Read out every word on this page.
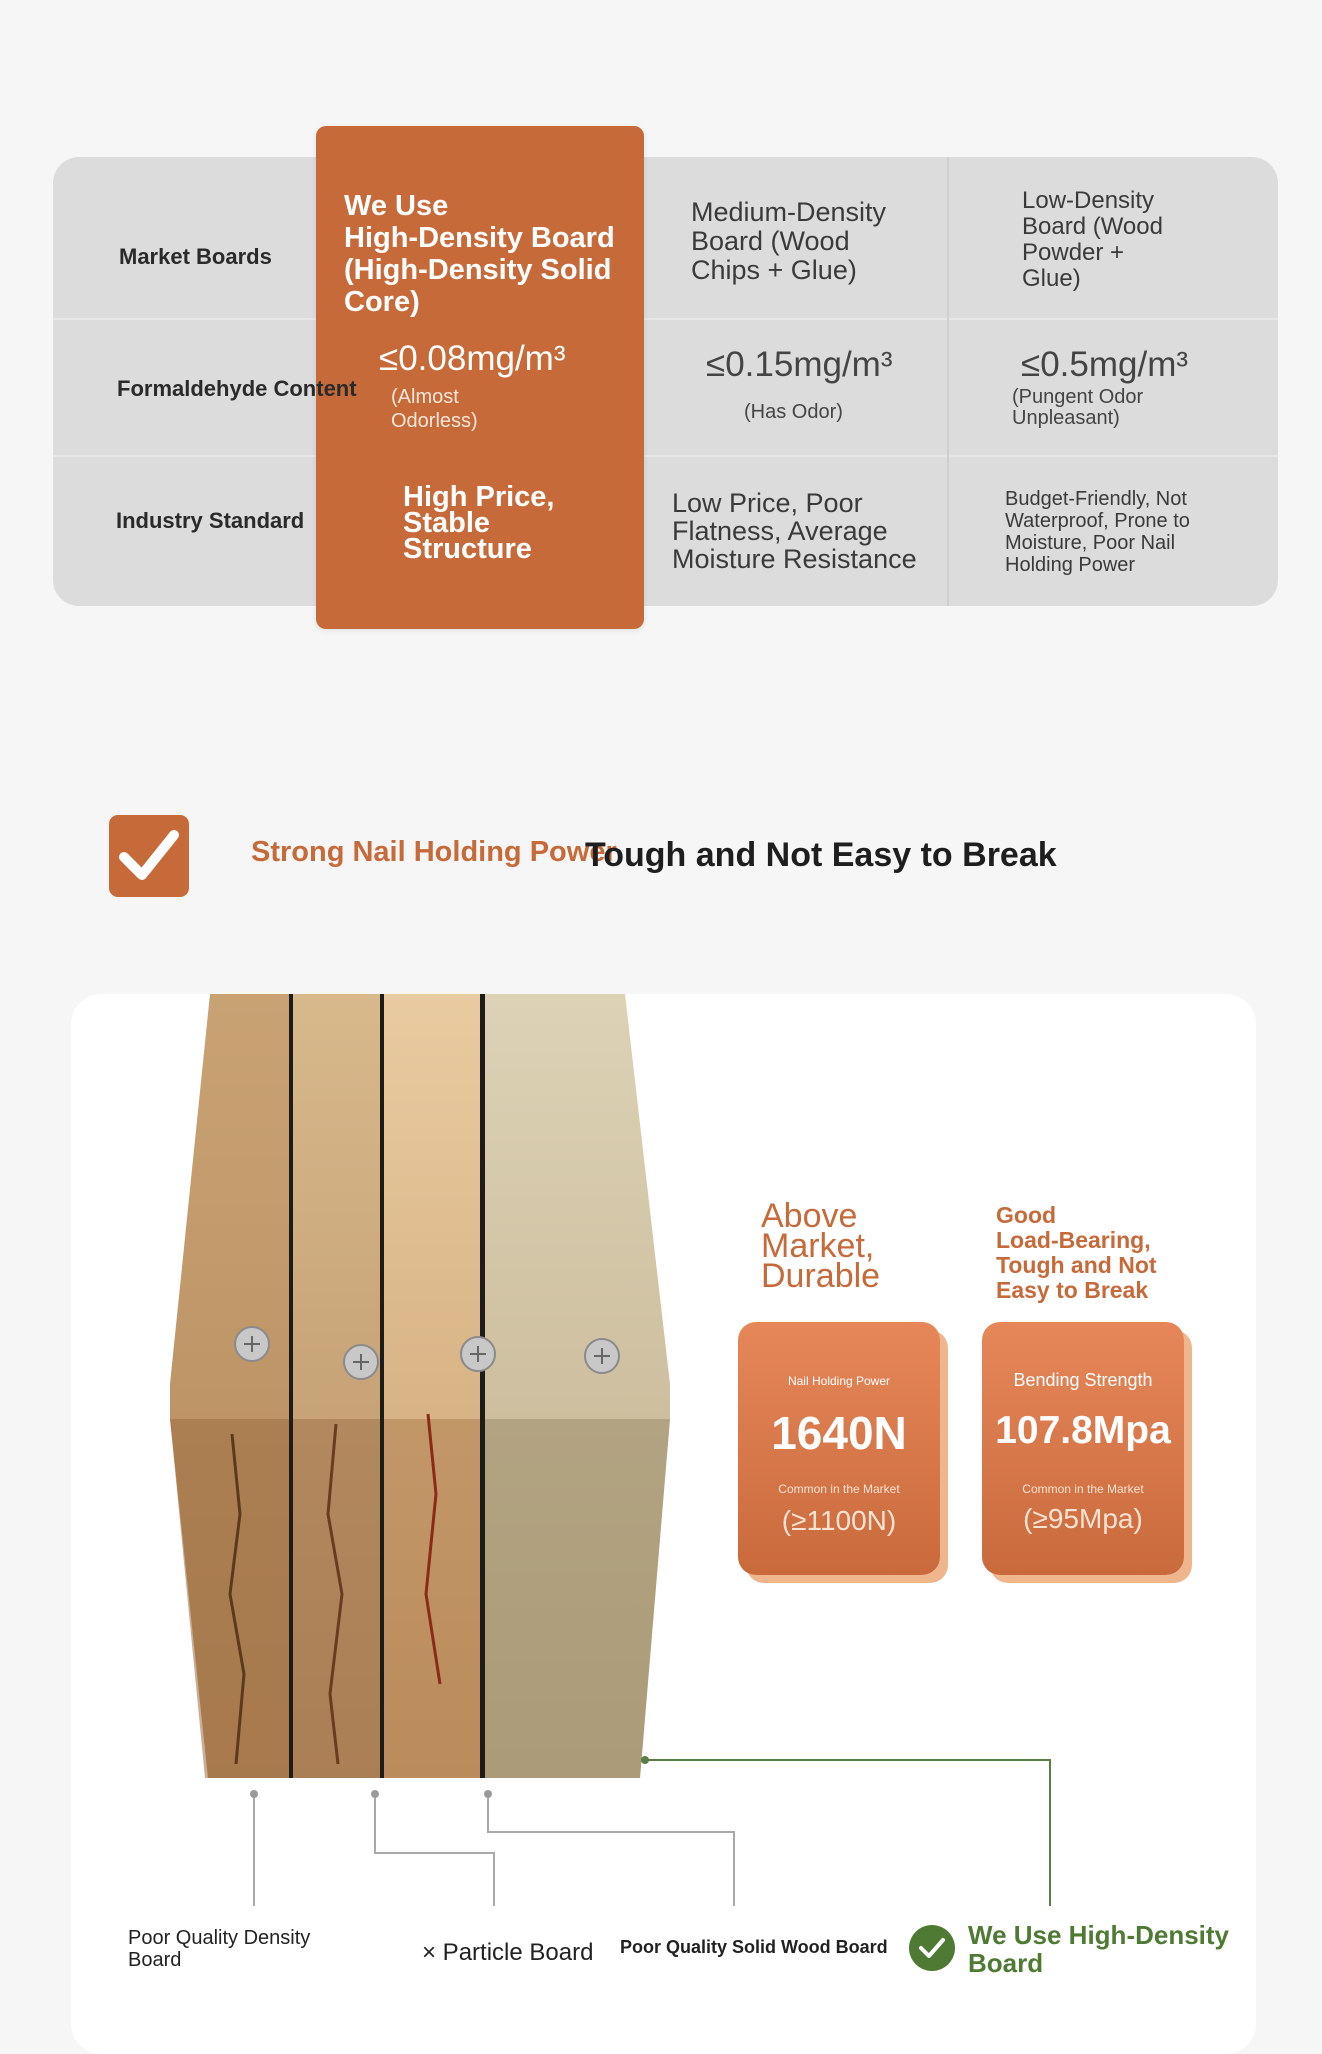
Market Boards
Formaldehyde Content
Industry Standard
We Use
High-Density Board
(High-Density Solid
Core)
≤0.08mg/m³
(Almost
Odorless)
High Price,
Stable
Structure
Medium-Density
Board (Wood
Chips + Glue)
≤0.15mg/m³
(Has Odor)
Low Price, Poor
Flatness, Average
Moisture Resistance
Low-Density
Board (Wood
Powder +
Glue)
≤0.5mg/m³
(Pungent Odor
Unpleasant)
Budget-Friendly, Not
Waterproof, Prone to
Moisture, Poor Nail
Holding Power
Strong Nail Holding Power
Tough and Not Easy to Break
Above
Market,
Durable
Good
Load-Bearing,
Tough and Not
Easy to Break
Nail Holding Power
1640N
Common in the Market
(≥1100N)
Bending Strength
107.8Mpa
Common in the Market
(≥95Mpa)
Poor Quality Density
Board	× Particle Board Poor Quality Solid Wood Board	We Use High-Density
Board
